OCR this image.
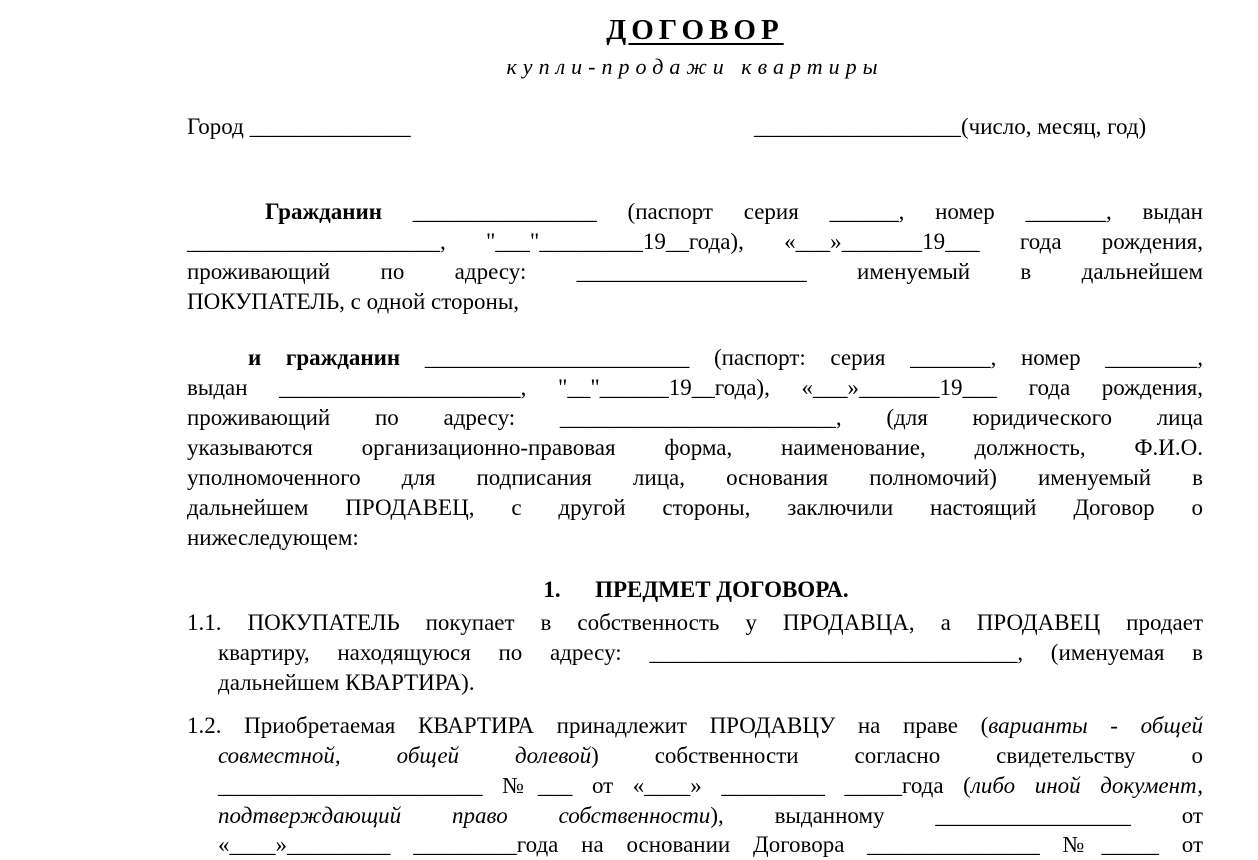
ДОГОВОР
купли-продажи квартиры
Город ______________	__________________(число, месяц, год)
Гражданин ________________ (паспорт серия ______, номер _______, выдан
______________________, "___"_________19__года), «___»_______19___ года рождения,
проживающий по адресу: ____________________ именуемый в дальнейшем
ПОКУПАТЕЛЬ, с одной стороны,
и гражданин _______________________ (паспорт: серия _______, номер ________,
выдан _____________________, "__"______19__года), «___»_______19___ года рождения,
проживающий по адресу: ________________________, (для юридического лица
указываются организационно-правовая форма, наименование, должность, Ф.И.О.
уполномоченного для подписания лица, основания полномочий) именуемый в
дальнейшем ПРОДАВЕЦ, с другой стороны, заключили настоящий Договор о
нижеследующем:
1.      ПРЕДМЕТ ДОГОВОРА.
1.1. ПОКУПАТЕЛЬ покупает в собственность у ПРОДАВЦА, а ПРОДАВЕЦ продает
квартиру, находящуюся по адресу: ________________________________, (именуемая в
дальнейшем КВАРТИРА).
1.2. Приобретаемая КВАРТИРА принадлежит ПРОДАВЦУ на праве (варианты - общей
совместной, общей долевой) собственности согласно свидетельству о
_______________________ №___ от «____» _________ _____года (либо иной документ,
подтверждающий право собственности), выданному _________________ от
«____»_________ _________года на основании Договора _______________ №_____ от
